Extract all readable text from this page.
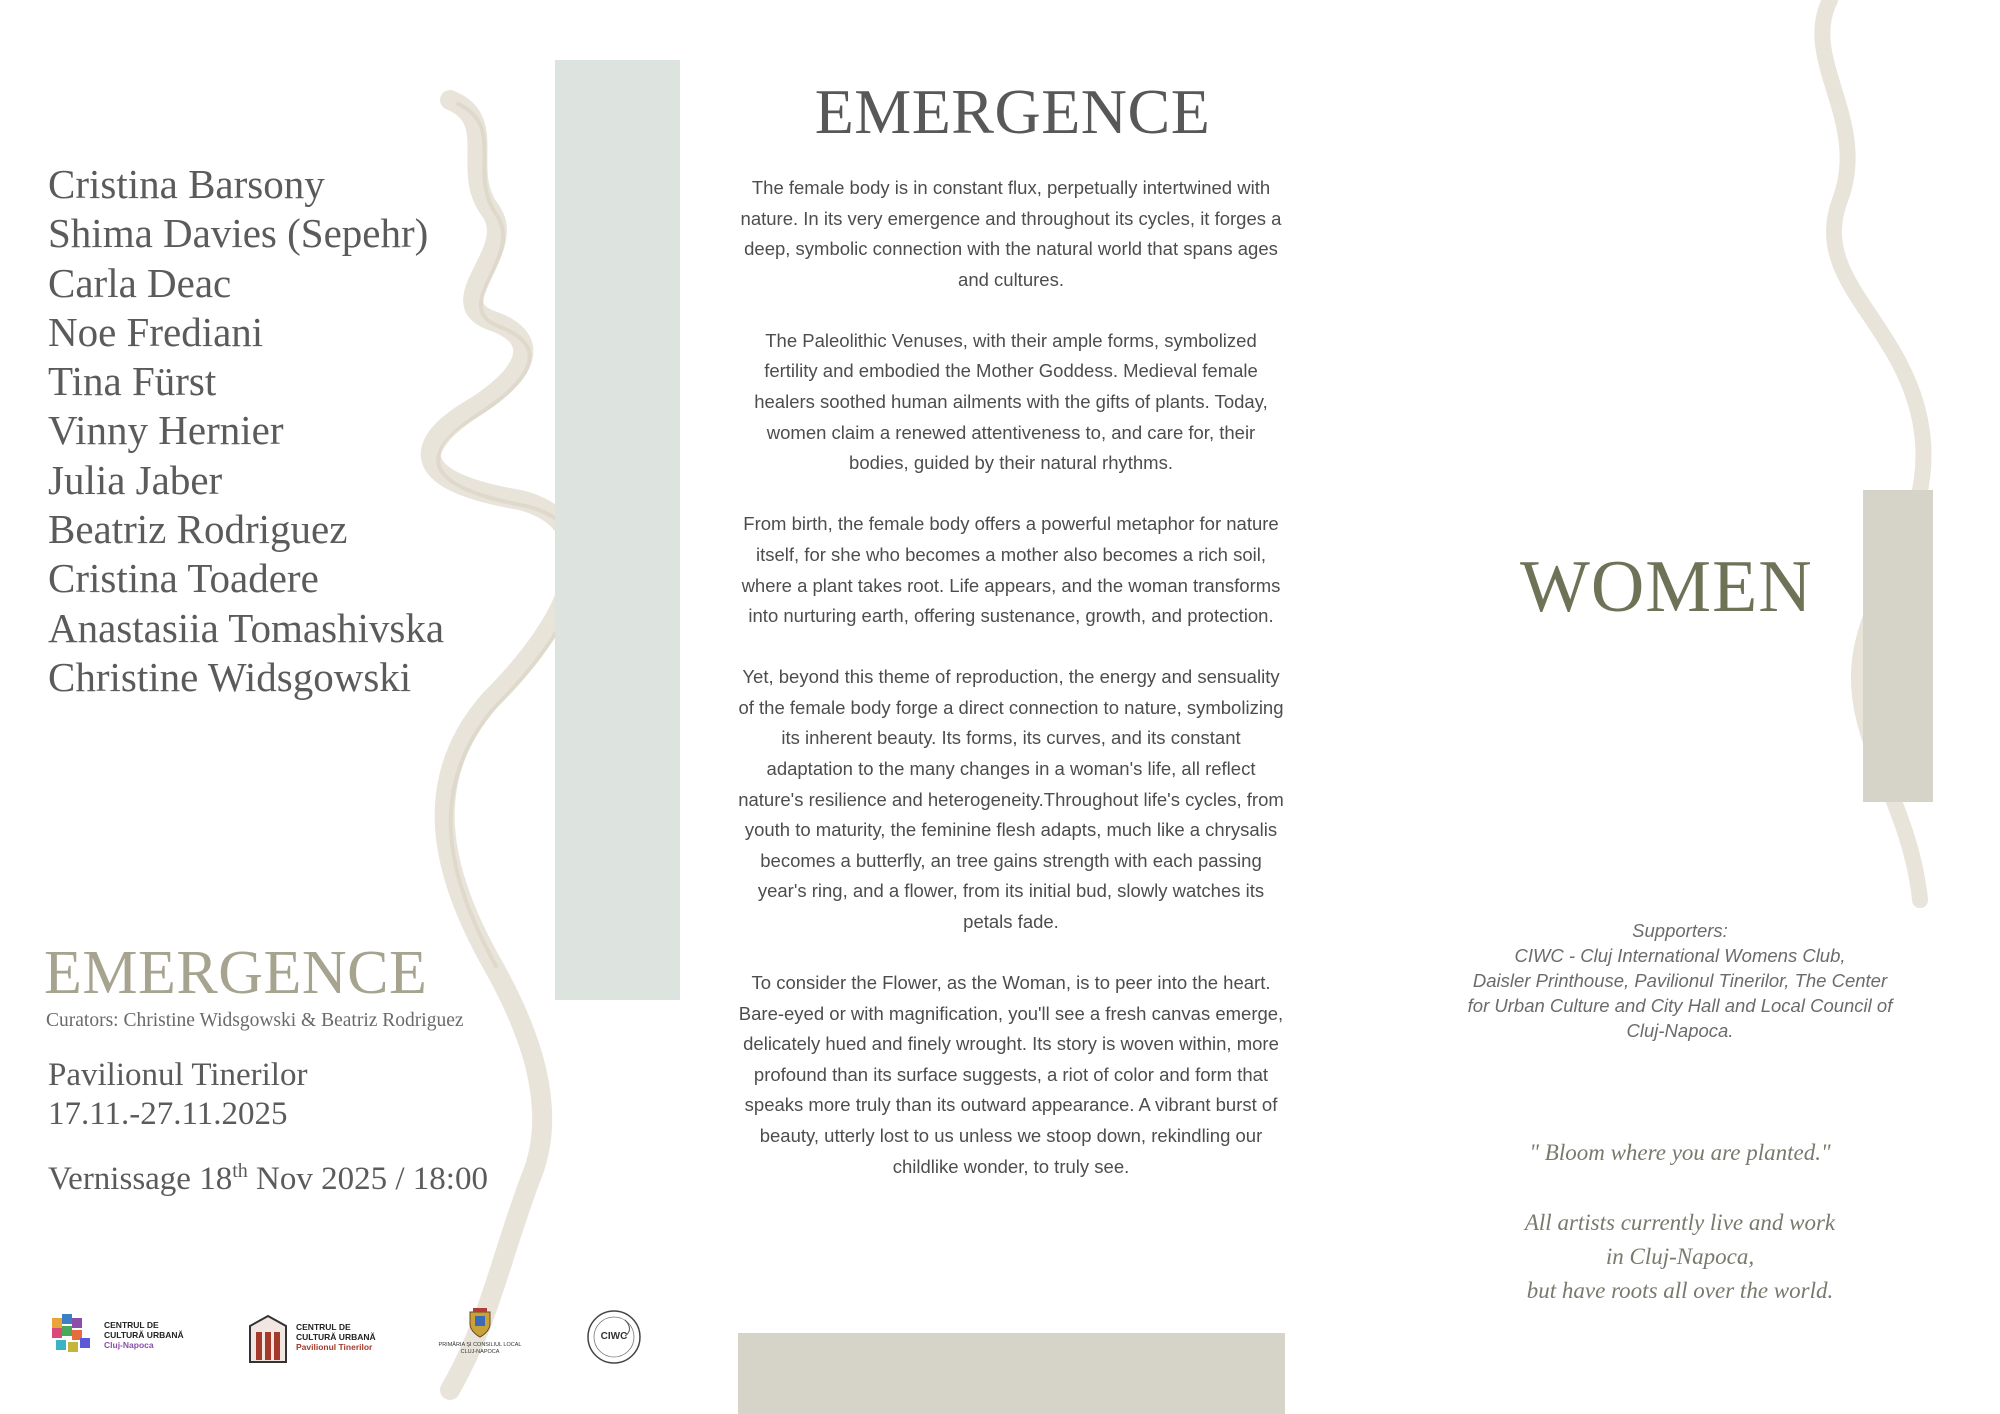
Cristina Barsony
Shima Davies (Sepehr)
Carla Deac
Noe Frediani
Tina Fürst
Vinny Hernier
Julia Jaber
Beatriz Rodriguez
Cristina Toadere
Anastasiia Tomashivska
Christine Widsgowski
EMERGENCE
Curators: Christine Widsgowski & Beatriz Rodriguez
Pavilionul Tinerilor
17.11.-27.11.2025
Vernissage 18th Nov 2025 / 18:00
CENTRUL DE
CULTURĂ URBANĂ
Cluj-Napoca
CENTRUL DE
CULTURĂ URBANĂ
Pavilionul Tinerilor	PRIMĂRIA ȘI CONSILIUL LOCAL
CLUJ-NAPOCA
CIWC
EMERGENCE

The female body is in constant flux, perpetually intertwined with nature. In its very emergence and throughout its cycles, it forges a deep, symbolic connection with the natural world that spans ages and cultures.

The Paleolithic Venuses, with their ample forms, symbolized fertility and embodied the Mother Goddess. Medieval female healers soothed human ailments with the gifts of plants. Today, women claim a renewed attentiveness to, and care for, their bodies, guided by their natural rhythms.

From birth, the female body offers a powerful metaphor for nature itself, for she who becomes a mother also becomes a rich soil, where a plant takes root. Life appears, and the woman transforms into nurturing earth, offering sustenance, growth, and protection.

Yet, beyond this theme of reproduction, the energy and sensuality of the female body forge a direct connection to nature, symbolizing its inherent beauty. Its forms, its curves, and its constant adaptation to the many changes in a woman's life, all reflect nature's resilience and heterogeneity.Throughout life's cycles, from youth to maturity, the feminine flesh adapts, much like a chrysalis becomes a butterfly, an tree gains strength with each passing year's ring, and a flower, from its initial bud, slowly watches its petals fade.

To consider the Flower, as the Woman, is to peer into the heart. Bare-eyed or with magnification, you'll see a fresh canvas emerge, delicately hued and finely wrought. Its story is woven within, more profound than its surface suggests, a riot of color and form that speaks more truly than its outward appearance. A vibrant burst of beauty, utterly lost to us unless we stoop down, rekindling our childlike wonder, to truly see.

WOMEN
Supporters:
CIWC - Cluj International Womens Club,
Daisler Printhouse, Pavilionul Tinerilor, The Center
for Urban Culture and City Hall and Local Council of
Cluj-Napoca.
" Bloom where you are planted."
All artists currently live and work
in Cluj-Napoca,
but have roots all over the world.
